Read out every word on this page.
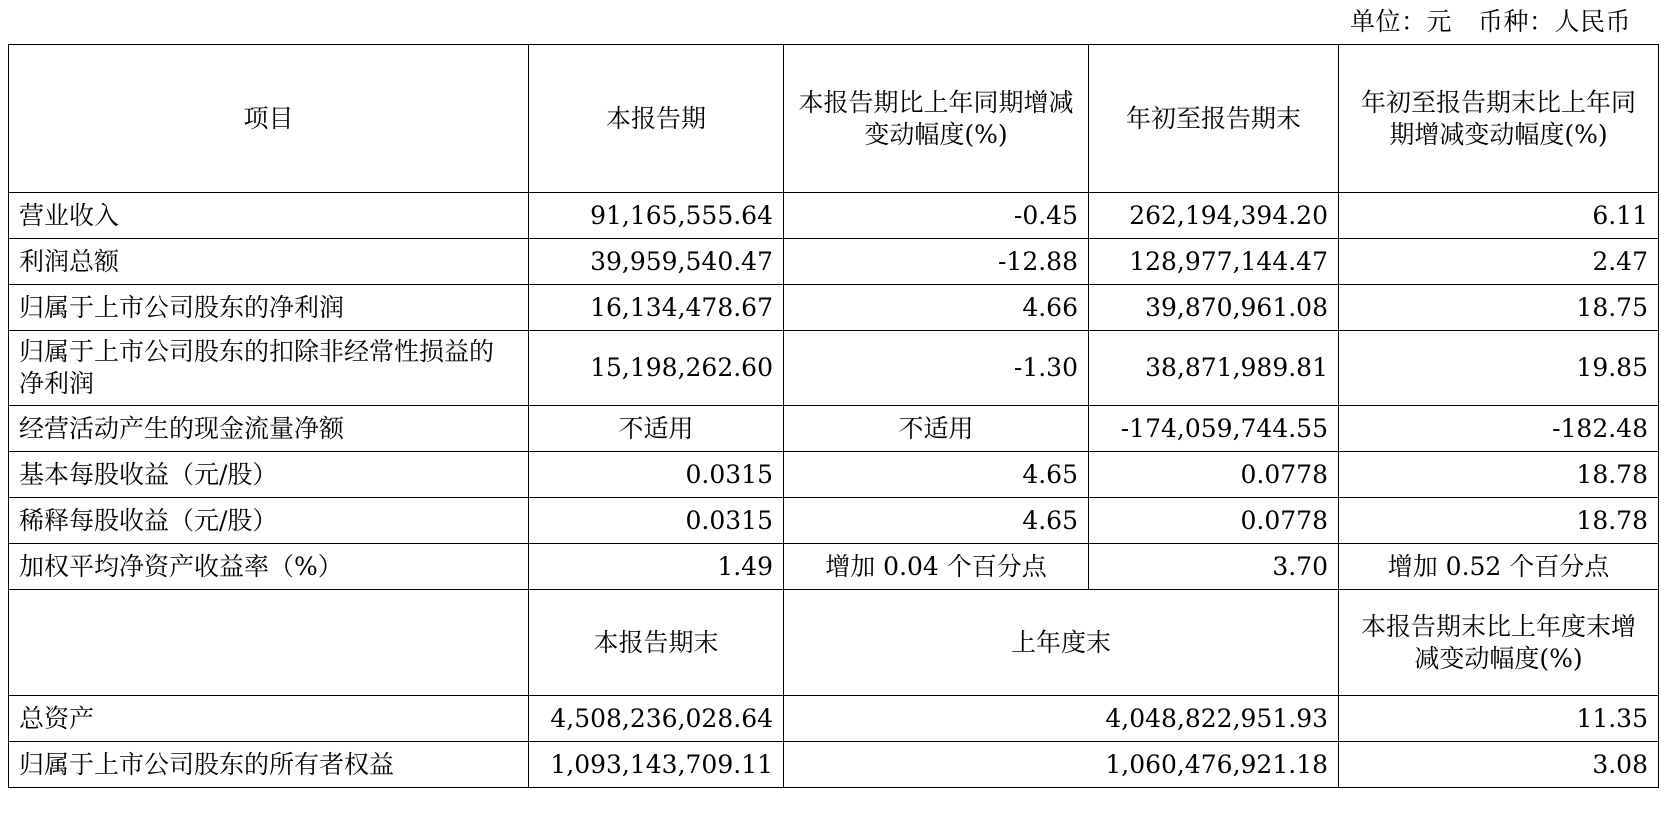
单位：元 币种：人民币
项目	本报告期	本报告期比上年同期增减变动幅度(%)	年初至报告期末	年初至报告期末比上年同期增减变动幅度(%)
营业收入	91,165,555.64	-0.45	262,194,394.20	6.11
利润总额	39,959,540.47	-12.88	128,977,144.47	2.47
归属于上市公司股东的净利润	16,134,478.67	4.66	39,870,961.08	18.75
归属于上市公司股东的扣除非经常性损益的净利润	15,198,262.60	-1.30	38,871,989.81	19.85
经营活动产生的现金流量净额	不适用	不适用	-174,059,744.55	-182.48
基本每股收益（元/股）	0.0315	4.65	0.0778	18.78
稀释每股收益（元/股）	0.0315	4.65	0.0778	18.78
加权平均净资产收益率（%）	1.49	增加 0.04 个百分点	3.70	增加 0.52 个百分点
	本报告期末	上年度末		本报告期末比上年度末增减变动幅度(%)
总资产	4,508,236,028.64	4,048,822,951.93		11.35
归属于上市公司股东的所有者权益	1,093,143,709.11	1,060,476,921.18		3.08
